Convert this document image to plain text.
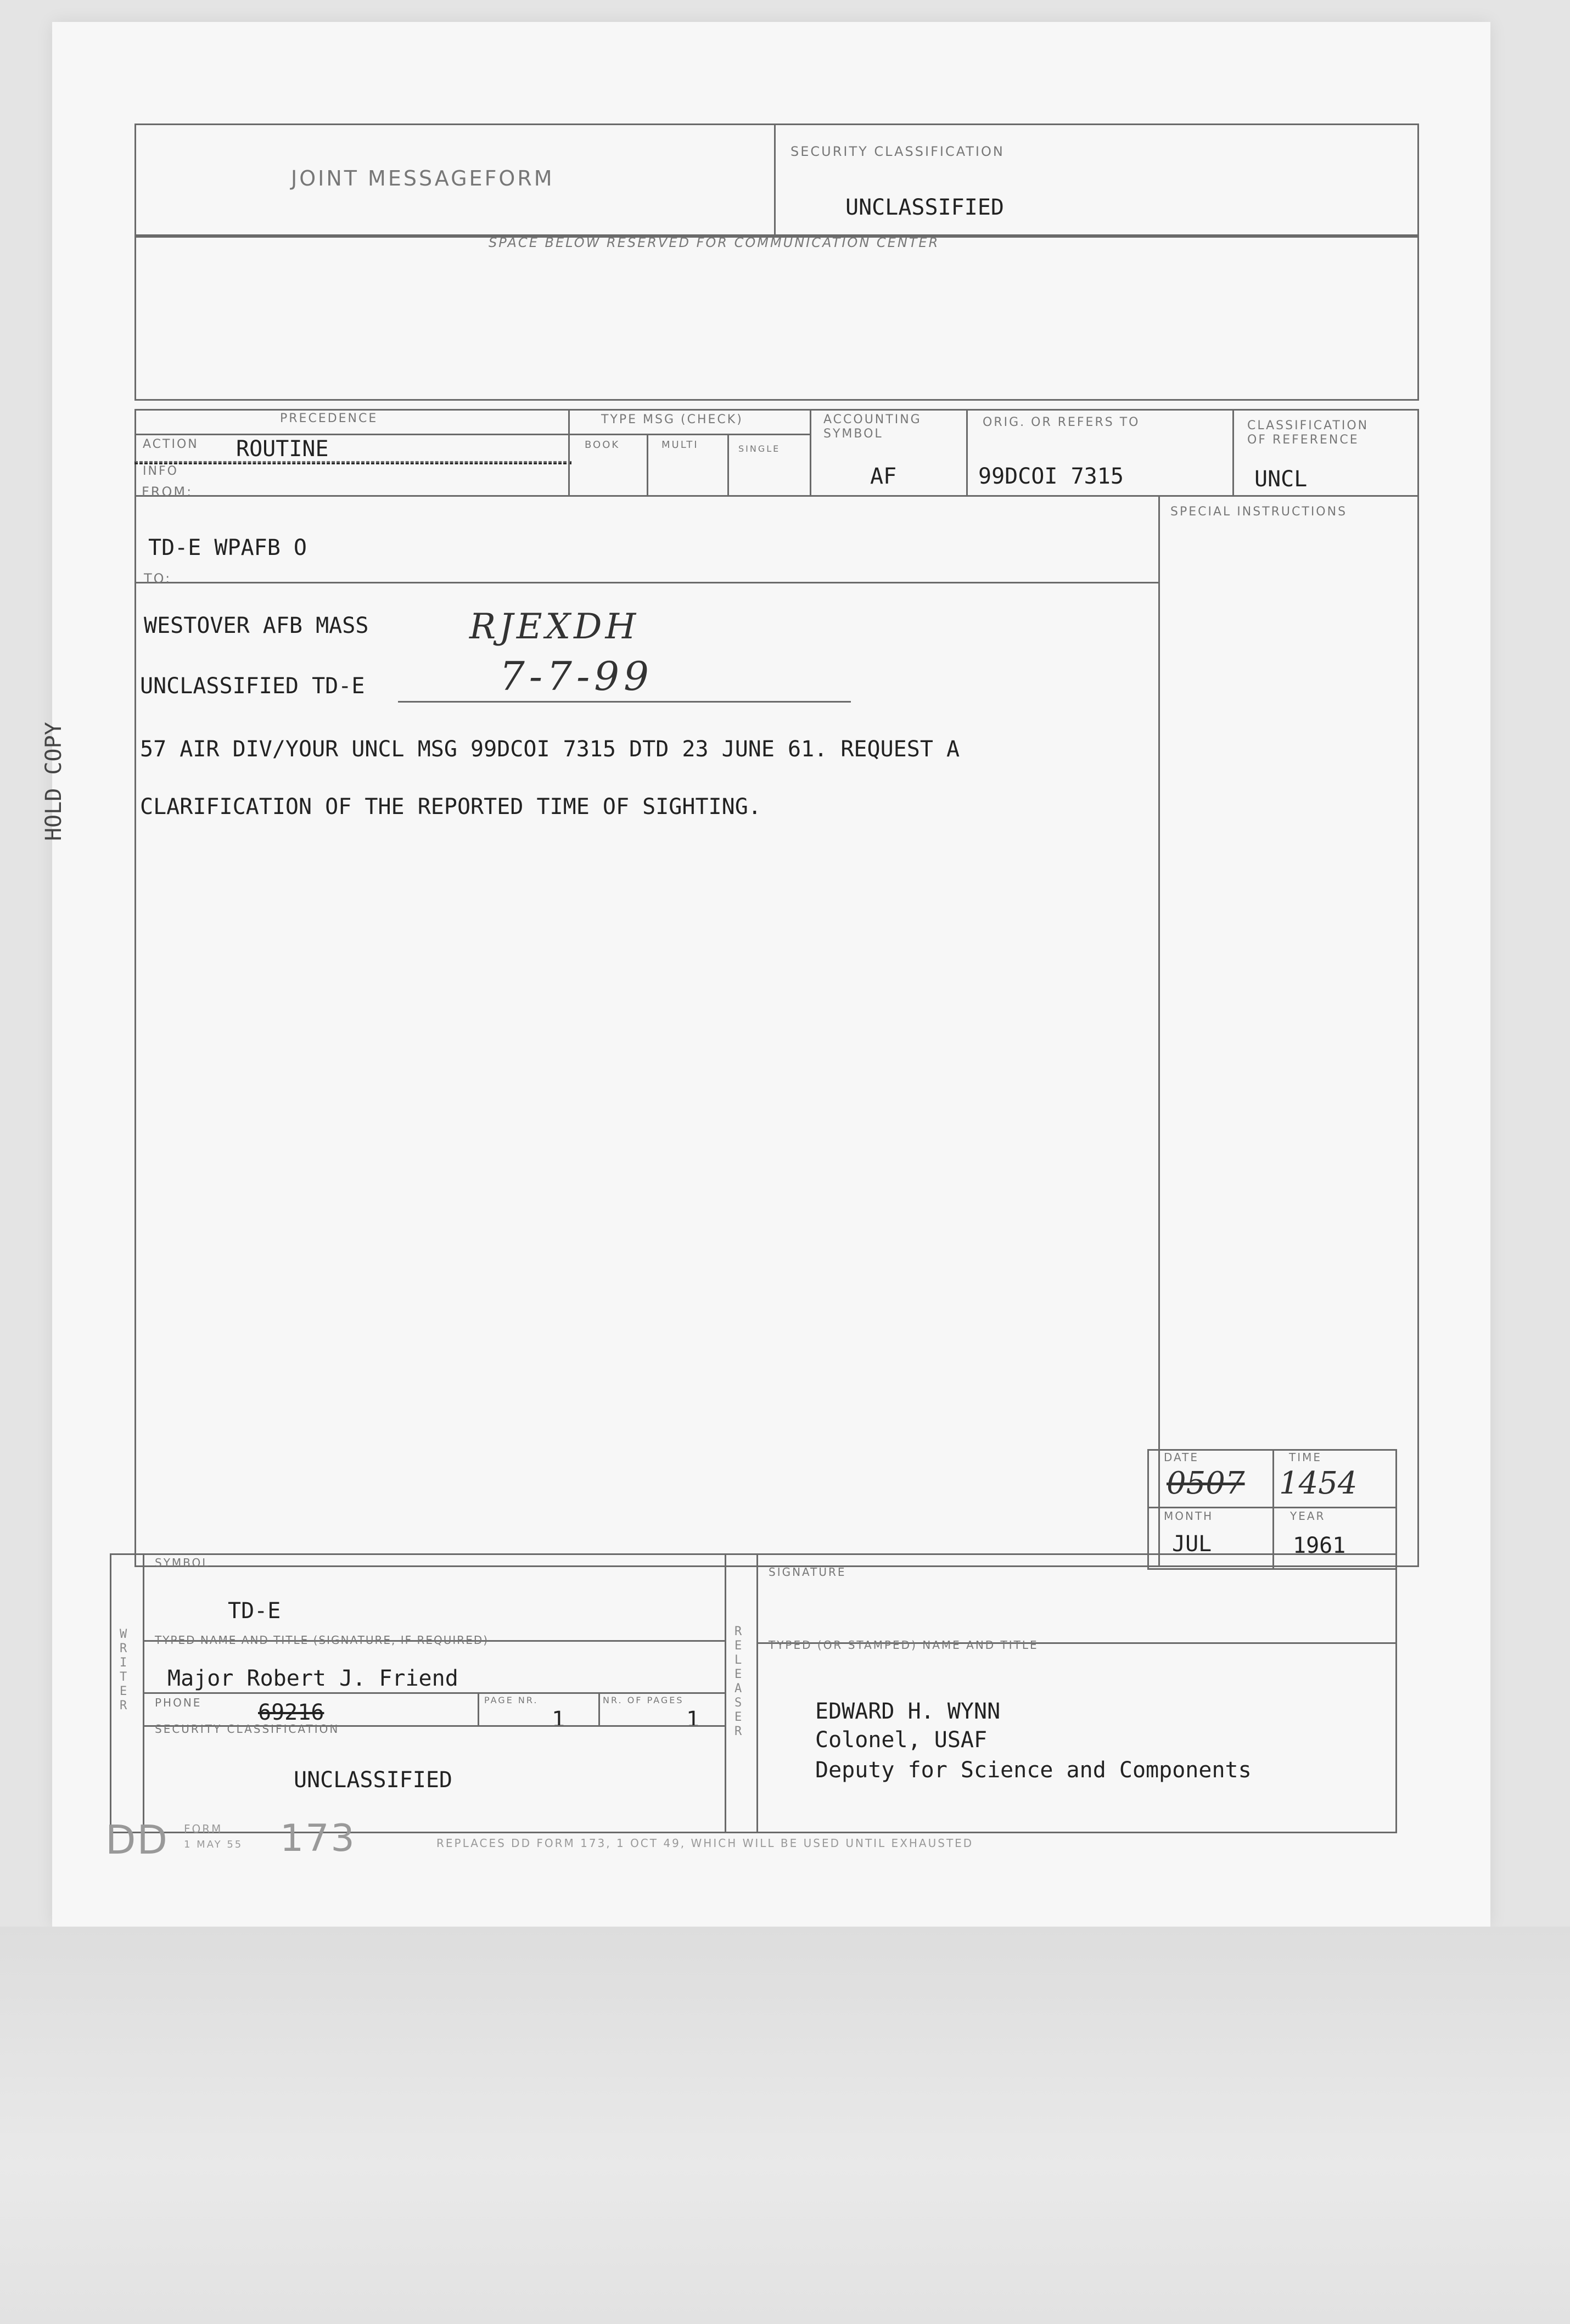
JOINT MESSAGEFORM
SECURITY CLASSIFICATION
UNCLASSIFIED
SPACE BELOW RESERVED FOR COMMUNICATION CENTER
PRECEDENCE
ACTION ROUTINE
INFO
TYPE MSG (CHECK)
BOOK	MULTI	SINGLE
ACCOUNTING
SYMBOL
AF
ORIG. OR REFERS TO
99DCOI 7315
CLASSIFICATION
OF REFERENCE
UNCL
SPECIAL INSTRUCTIONS
FROM:
TD-E WPAFB O
TO:
WESTOVER AFB MASS	RJEXDH
UNCLASSIFIED TD-E	7-7-99
57 AIR DIV/YOUR UNCL MSG 99DCOI 7315 DTD 23 JUNE 61. REQUEST A
CLARIFICATION OF THE REPORTED TIME OF SIGHTING.
HOLD COPY
DATE	TIME
0507 1454
MONTH	YEAR
JUL	1961
W
R
I
T
E
R
R
E
L
E
A
S
E
R
SYMBOL
TD-E
TYPED NAME AND TITLE (SIGNATURE, IF REQUIRED)
Major Robert J. Friend
PHONE	69216	PAGE NR.
1
NR. OF PAGES
1
SECURITY CLASSIFICATION
UNCLASSIFIED
SIGNATURE
TYPED (OR STAMPED) NAME AND TITLE
EDWARD H. WYNN
Colonel, USAF
Deputy for Science and Components
DD FORM
1 MAY 55 173	REPLACES DD FORM 173, 1 OCT 49, WHICH WILL BE USED UNTIL EXHAUSTED
